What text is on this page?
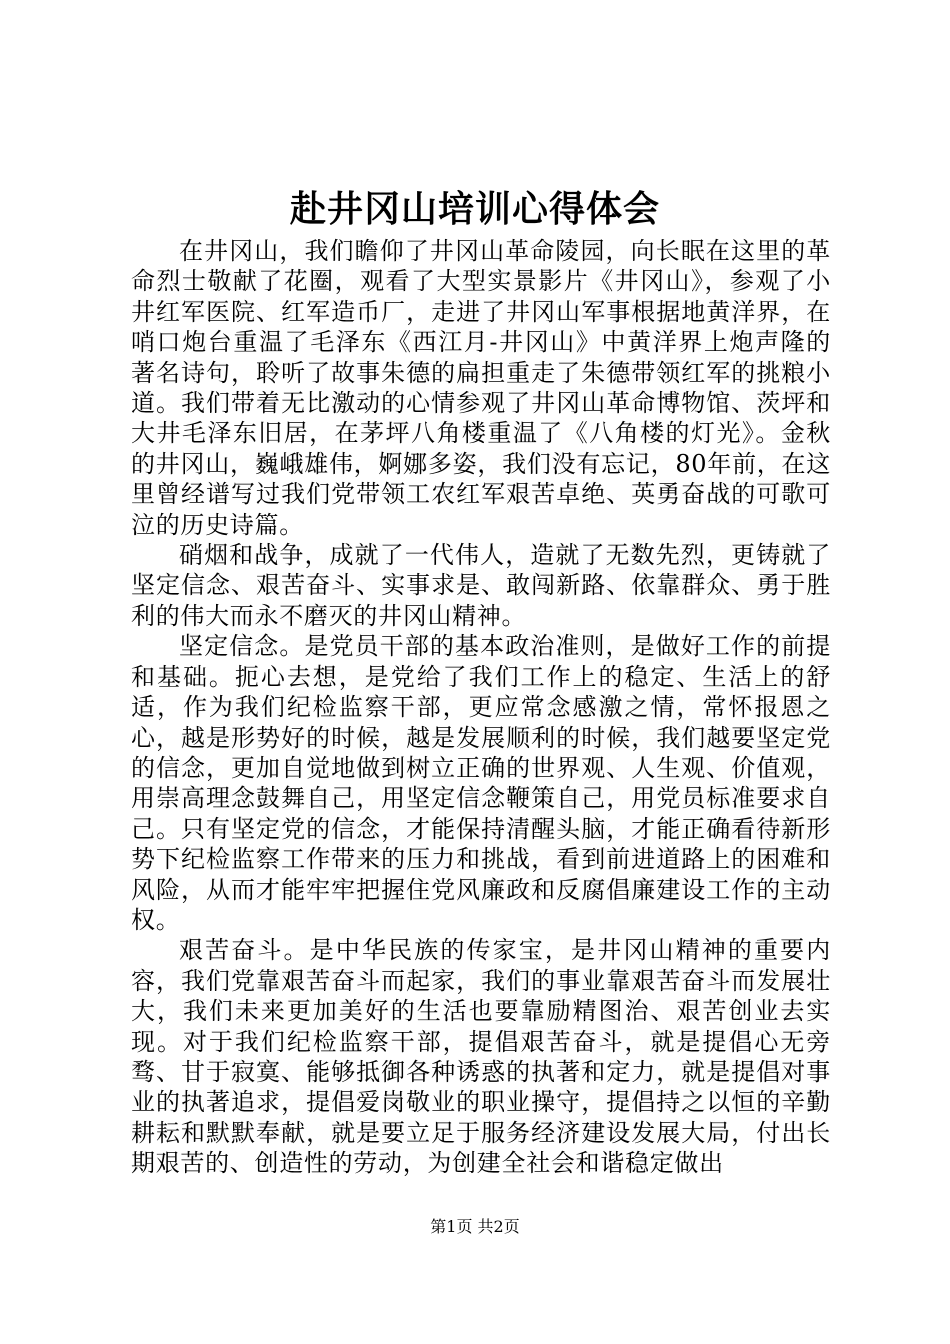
赴井冈山培训心得体会

在井冈山，我们瞻仰了井冈山革命陵园，向长眠在这里的革命烈士敬献了花圈，观看了大型实景影片《井冈山》，参观了小井红军医院、红军造币厂，走进了井冈山军事根据地黄洋界，在哨口炮台重温了毛泽东《西江月-井冈山》中黄洋界上炮声隆的著名诗句，聆听了故事朱德的扁担重走了朱德带领红军的挑粮小道。我们带着无比激动的心情参观了井冈山革命博物馆、茨坪和大井毛泽东旧居，在茅坪八角楼重温了《八角楼的灯光》。金秋的井冈山，巍峨雄伟，婀娜多姿，我们没有忘记，80年前，在这里曾经谱写过我们党带领工农红军艰苦卓绝、英勇奋战的可歌可泣的历史诗篇。

硝烟和战争，成就了一代伟人，造就了无数先烈，更铸就了坚定信念、艰苦奋斗、实事求是、敢闯新路、依靠群众、勇于胜利的伟大而永不磨灭的井冈山精神。

坚定信念。是党员干部的基本政治准则，是做好工作的前提和基础。扼心去想，是党给了我们工作上的稳定、生活上的舒适，作为我们纪检监察干部，更应常念感激之情，常怀报恩之心，越是形势好的时候，越是发展顺利的时候，我们越要坚定党的信念，更加自觉地做到树立正确的世界观、人生观、价值观，用崇高理念鼓舞自己，用坚定信念鞭策自己，用党员标准要求自己。只有坚定党的信念，才能保持清醒头脑，才能正确看待新形势下纪检监察工作带来的压力和挑战，看到前进道路上的困难和风险，从而才能牢牢把握住党风廉政和反腐倡廉建设工作的主动权。

艰苦奋斗。是中华民族的传家宝，是井冈山精神的重要内容，我们党靠艰苦奋斗而起家，我们的事业靠艰苦奋斗而发展壮大，我们未来更加美好的生活也要靠励精图治、艰苦创业去实现。对于我们纪检监察干部，提倡艰苦奋斗，就是提倡心无旁骛、甘于寂寞、能够抵御各种诱惑的执著和定力，就是提倡对事业的执著追求，提倡爱岗敬业的职业操守，提倡持之以恒的辛勤耕耘和默默奉献，就是要立足于服务经济建设发展大局，付出长期艰苦的、创造性的劳动，为创建全社会和谐稳定做出

第1页 共2页
